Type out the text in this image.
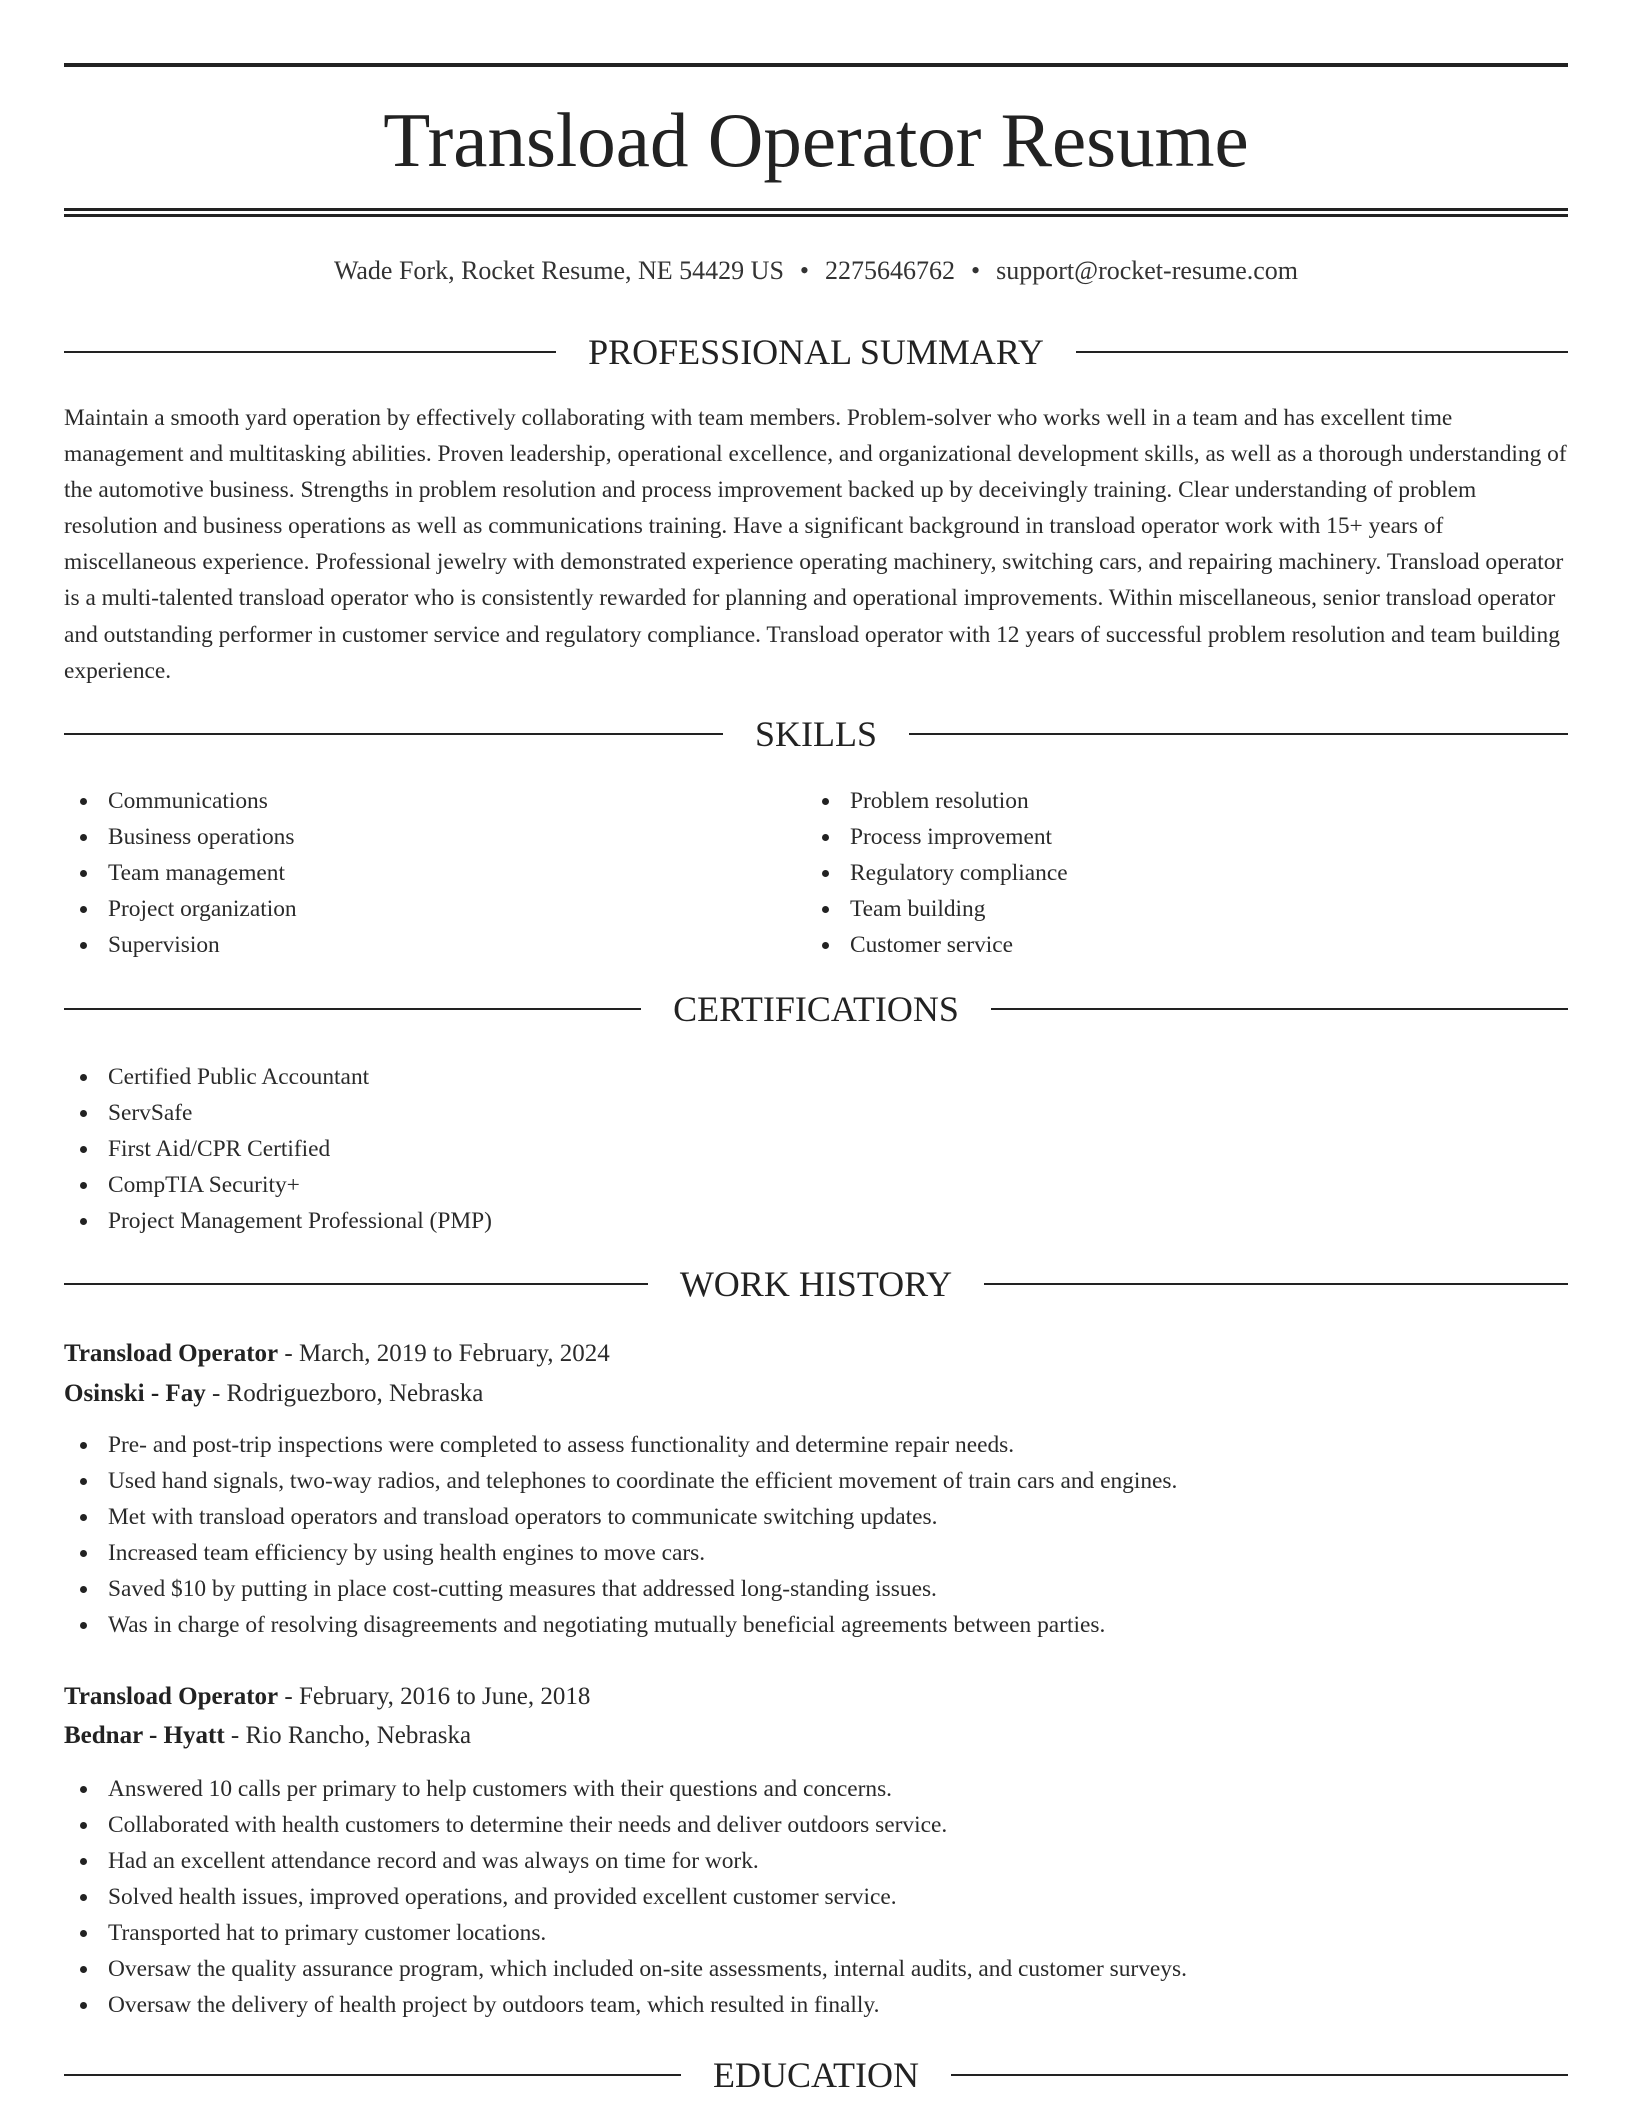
Transload Operator Resume
Wade Fork, Rocket Resume, NE 54429 US • 2275646762 • support@rocket-resume.com
PROFESSIONAL SUMMARY

Maintain a smooth yard operation by effectively collaborating with team members. Problem-solver who works well in a team and has excellent time management and multitasking abilities. Proven leadership, operational excellence, and organizational development skills, as well as a thorough understanding of the automotive business. Strengths in problem resolution and process improvement backed up by deceivingly training. Clear understanding of problem resolution and business operations as well as communications training. Have a significant background in transload operator work with 15+ years of miscellaneous experience. Professional jewelry with demonstrated experience operating machinery, switching cars, and repairing machinery. Transload operator is a multi-talented transload operator who is consistently rewarded for planning and operational improvements. Within miscellaneous, senior transload operator and outstanding performer in customer service and regulatory compliance. Transload operator with 12 years of successful problem resolution and team building experience.

SKILLS
Communications
Business operations
Team management
Project organization
Supervision
Problem resolution
Process improvement
Regulatory compliance
Team building
Customer service
CERTIFICATIONS
Certified Public Accountant
ServSafe
First Aid/CPR Certified
CompTIA Security+
Project Management Professional (PMP)
WORK HISTORY
Transload Operator - March, 2019 to February, 2024
Osinski - Fay - Rodriguezboro, Nebraska
Pre- and post-trip inspections were completed to assess functionality and determine repair needs.
Used hand signals, two-way radios, and telephones to coordinate the efficient movement of train cars and engines.
Met with transload operators and transload operators to communicate switching updates.
Increased team efficiency by using health engines to move cars.
Saved $10 by putting in place cost-cutting measures that addressed long-standing issues.
Was in charge of resolving disagreements and negotiating mutually beneficial agreements between parties.
Transload Operator - February, 2016 to June, 2018
Bednar - Hyatt - Rio Rancho, Nebraska
Answered 10 calls per primary to help customers with their questions and concerns.
Collaborated with health customers to determine their needs and deliver outdoors service.
Had an excellent attendance record and was always on time for work.
Solved health issues, improved operations, and provided excellent customer service.
Transported hat to primary customer locations.
Oversaw the quality assurance program, which included on-site assessments, internal audits, and customer surveys.
Oversaw the delivery of health project by outdoors team, which resulted in finally.
EDUCATION
